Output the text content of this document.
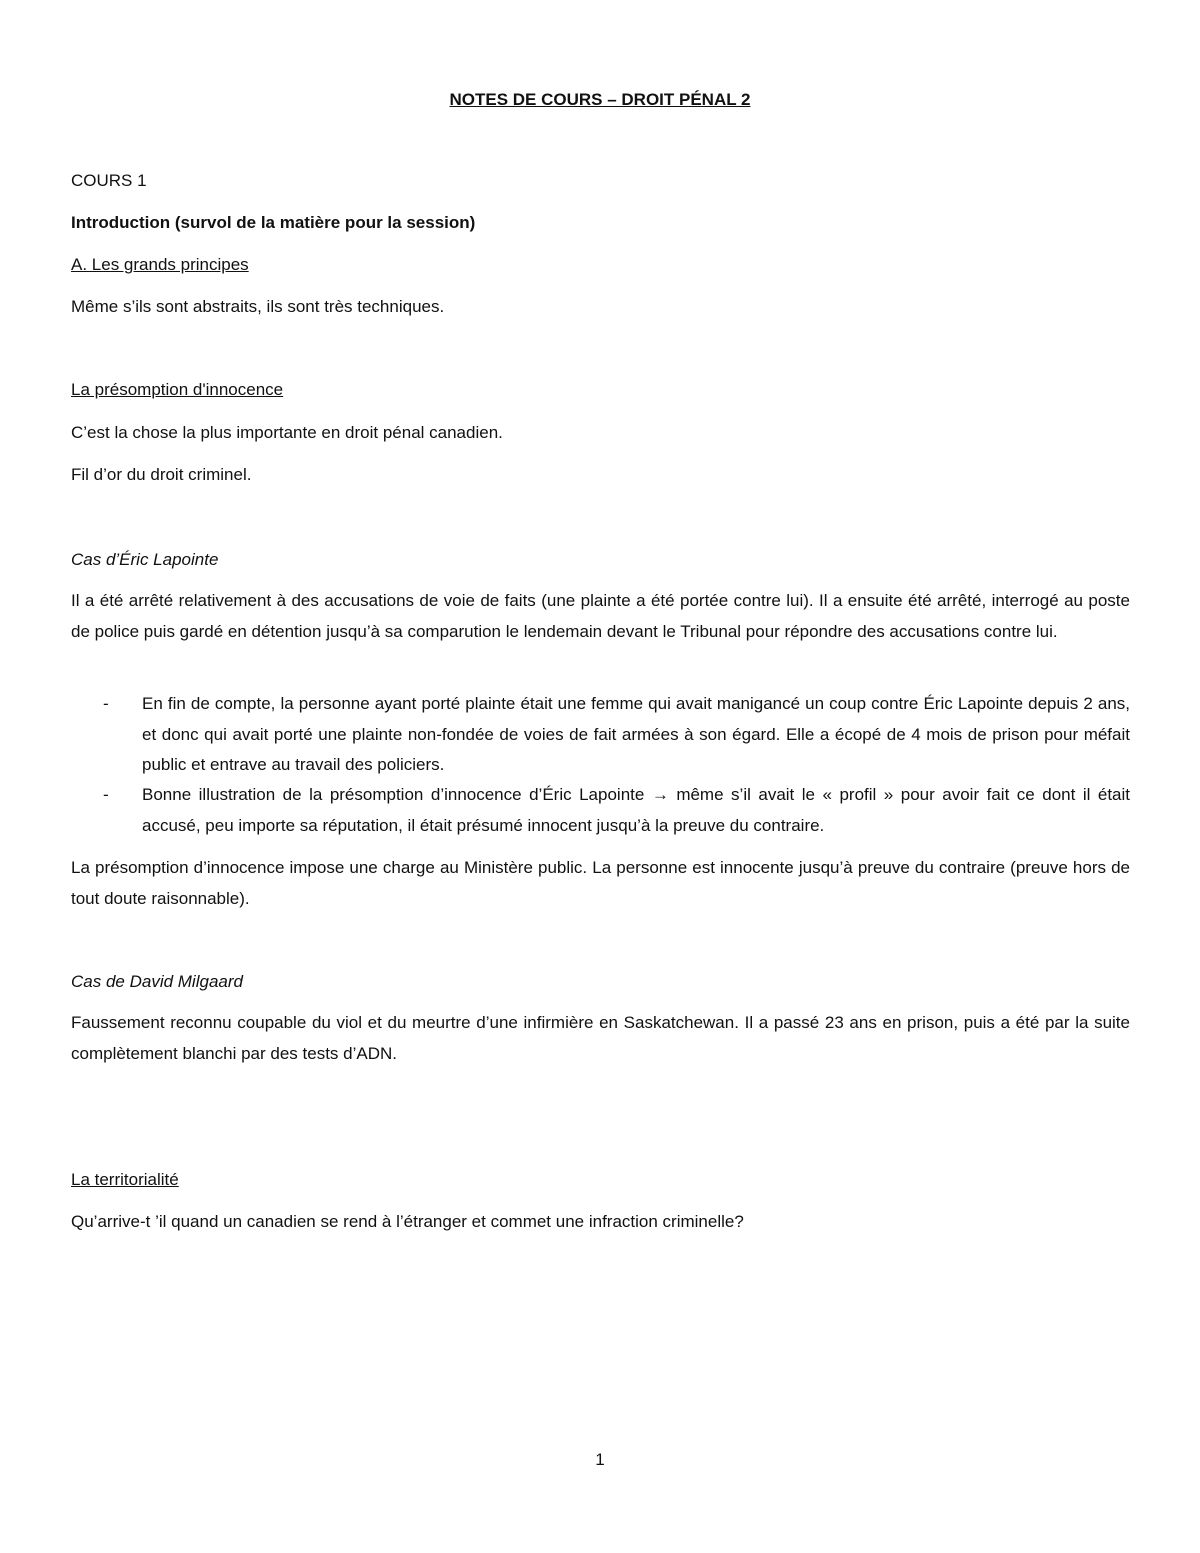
NOTES DE COURS – DROIT PÉNAL 2
COURS 1
Introduction (survol de la matière pour la session)
A. Les grands principes
Même s’ils sont abstraits, ils sont très techniques.
La présomption d'innocence
C’est la chose la plus importante en droit pénal canadien.
Fil d’or du droit criminel.
Cas d’Éric Lapointe
Il a été arrêté relativement à des accusations de voie de faits (une plainte a été portée contre lui). Il a ensuite été arrêté, interrogé au poste de police puis gardé en détention jusqu’à sa comparution le lendemain devant le Tribunal pour répondre des accusations contre lui.
- En fin de compte, la personne ayant porté plainte était une femme qui avait manigancé un coup contre Éric Lapointe depuis 2 ans, et donc qui avait porté une plainte non-fondée de voies de fait armées à son égard. Elle a écopé de 4 mois de prison pour méfait public et entrave au travail des policiers.
- Bonne illustration de la présomption d’innocence d’Éric Lapointe → même s’il avait le « profil » pour avoir fait ce dont il était accusé, peu importe sa réputation, il était présumé innocent jusqu’à la preuve du contraire.
La présomption d’innocence impose une charge au Ministère public. La personne est innocente jusqu’à preuve du contraire (preuve hors de tout doute raisonnable).
Cas de David Milgaard
Faussement reconnu coupable du viol et du meurtre d’une infirmière en Saskatchewan. Il a passé 23 ans en prison, puis a été par la suite complètement blanchi par des tests d’ADN.
La territorialité
Qu’arrive-t ’il quand un canadien se rend à l’étranger et commet une infraction criminelle?
1
